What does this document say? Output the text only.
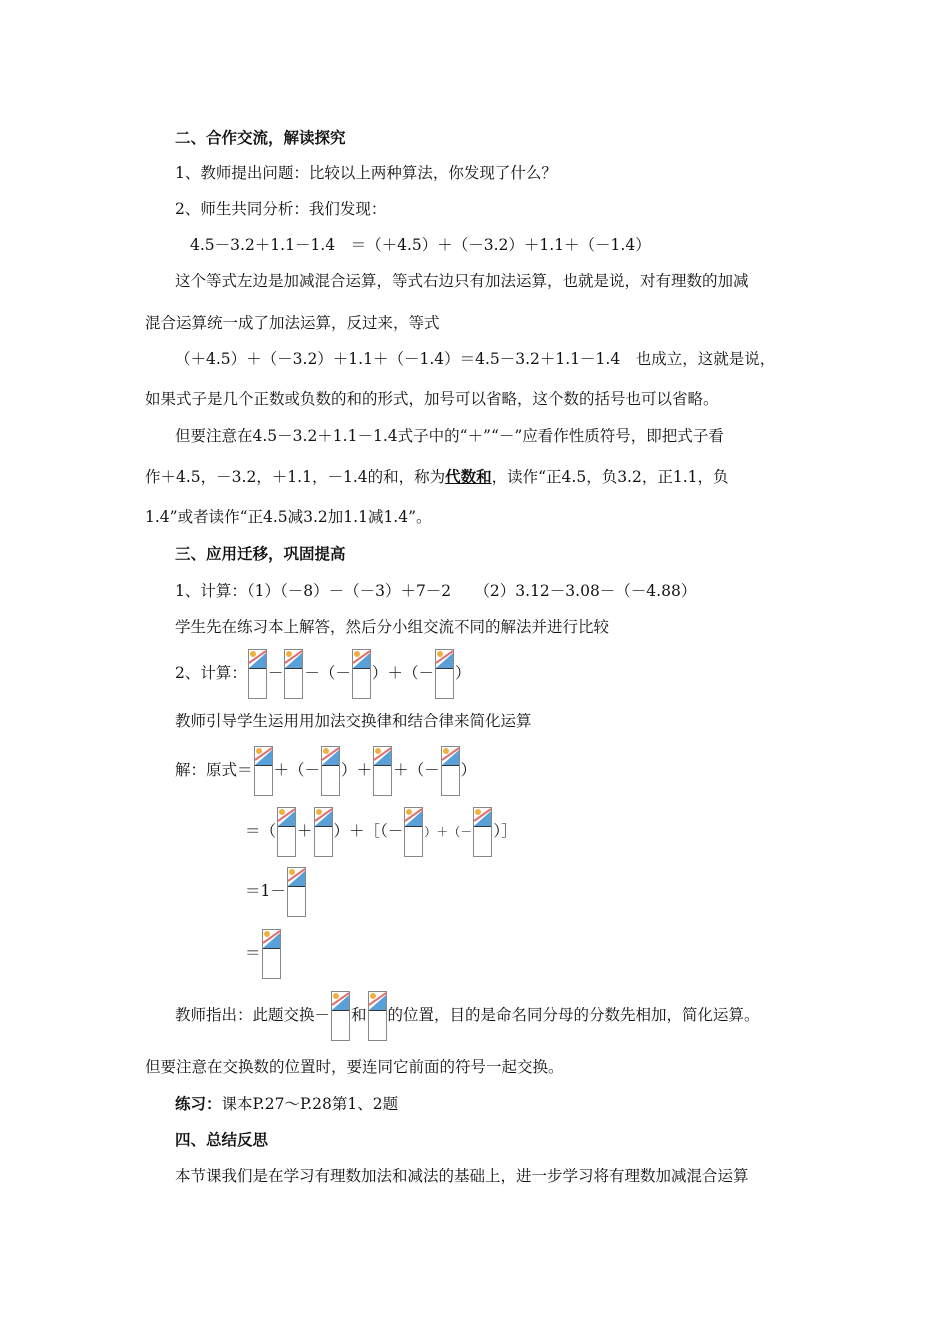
二、合作交流，解读探究
1、教师提出问题：比较以上两种算法，你发现了什么？
2、师生共同分析：我们发现：
4.5－3.2＋1.1－1.4　＝（＋4.5）＋（－3.2）＋1.1＋（－1.4）
这个等式左边是加减混合运算，等式右边只有加法运算，也就是说，对有理数的加减
混合运算统一成了加法运算，反过来，等式
（＋4.5）＋（－3.2）＋1.1＋（－1.4）＝4.5－3.2＋1.1－1.4　也成立，这就是说，
如果式子是几个正数或负数的和的形式，加号可以省略，这个数的括号也可以省略。
但要注意在4.5－3.2＋1.1－1.4式子中的“＋”“－”应看作性质符号，即把式子看
作＋4.5，－3.2，＋1.1，－1.4的和，称为代数和，读作“正4.5，负3.2，正1.1，负
1.4”或者读作“正4.5减3.2加1.1减1.4”。
三、应用迁移，巩固提高
1、计算：（1）（－8）－（－3）＋7－2　　（2）3.12－3.08－（－4.88）
学生先在练习本上解答，然后分小组交流不同的解法并进行比较
2、计算： － －（－ ）＋（－ ）
教师引导学生运用用加法交换律和结合律来简化运算
解：原式＝ ＋（－ ）＋ ＋（－ ）
＝（ ＋ ）＋［（－ ）＋（－ ）］
＝1－
＝
教师指出：此题交换－ 和 的位置，目的是命名同分母的分数先相加，简化运算。
但要注意在交换数的位置时，要连同它前面的符号一起交换。
练习：课本P.27～P.28第1、2题
四、总结反思
本节课我们是在学习有理数加法和减法的基础上，进一步学习将有理数加减混合运算
